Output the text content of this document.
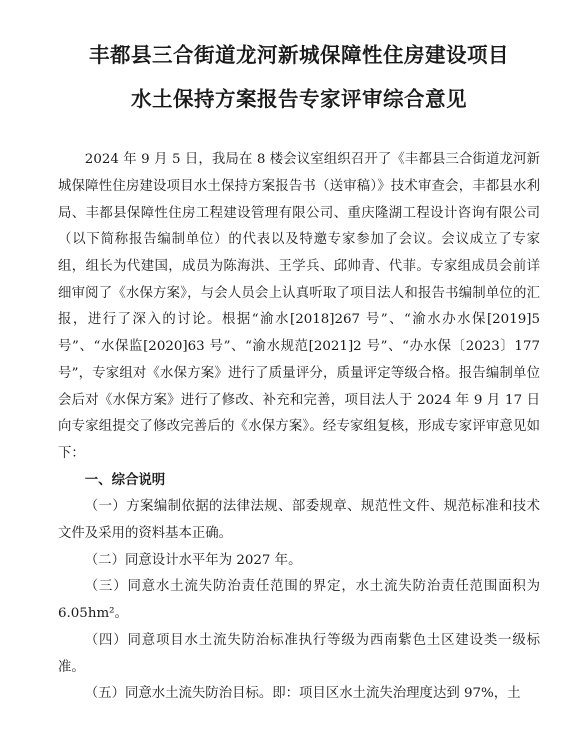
丰都县三合街道龙河新城保障性住房建设项目
水土保持方案报告专家评审综合意见

2024 年 9 月 5 日，我局在 8 楼会议室组织召开了《丰都县三合街道龙河新城保障性住房建设项目水土保持方案报告书（送审稿）》技术审查会，丰都县水利局、丰都县保障性住房工程建设管理有限公司、重庆隆湖工程设计咨询有限公司（以下简称报告编制单位）的代表以及特邀专家参加了会议。会议成立了专家组，组长为代建国，成员为陈海洪、王学兵、邱帅青、代菲。专家组成员会前详细审阅了《水保方案》，与会人员会上认真听取了项目法人和报告书编制单位的汇报，进行了深入的讨论。根据“渝水[2018]267 号”、“渝水办水保[2019]5 号”、“水保监[2020]63 号”、“渝水规范[2021]2 号”、“办水保〔2023〕177 号”，专家组对《水保方案》进行了质量评分，质量评定等级合格。报告编制单位会后对《水保方案》进行了修改、补充和完善，项目法人于 2024 年 9 月 17 日向专家组提交了修改完善后的《水保方案》。经专家组复核，形成专家评审意见如下：

一、综合说明

（一）方案编制依据的法律法规、部委规章、规范性文件、规范标准和技术文件及采用的资料基本正确。

（二）同意设计水平年为 2027 年。

（三）同意水土流失防治责任范围的界定，水土流失防治责任范围面积为 6.05hm²。

（四）同意项目水土流失防治标准执行等级为西南紫色土区建设类一级标准。

（五）同意水土流失防治目标。即：项目区水土流失治理度达到 97%，土
